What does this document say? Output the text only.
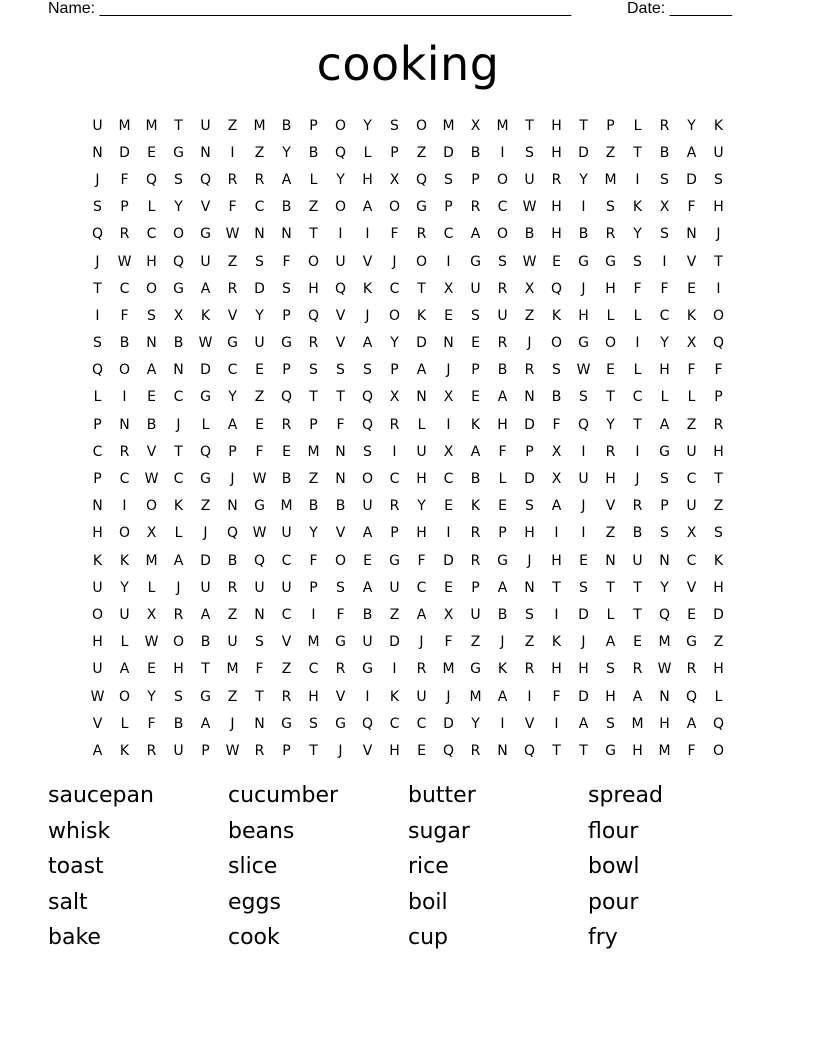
Name: _____________________________________________________	Date: _______
cooking
U	M	M	T	U	Z	M	B	P	O	Y	S	O	M	X	M	T	H	T	P	L	R	Y	K
N	D	E	G	N	I	Z	Y	B	Q	L	P	Z	D	B	I	S	H	D	Z	T	B	A	U
J	F	Q	S	Q	R	R	A	L	Y	H	X	Q	S	P	O	U	R	Y	M	I	S	D	S
S	P	L	Y	V	F	C	B	Z	O	A	O	G	P	R	C	W	H	I	S	K	X	F	H
Q	R	C	O	G	W	N	N	T	I	I	F	R	C	A	O	B	H	B	R	Y	S	N	J
J	W	H	Q	U	Z	S	F	O	U	V	J	O	I	G	S	W	E	G	G	S	I	V	T
T	C	O	G	A	R	D	S	H	Q	K	C	T	X	U	R	X	Q	J	H	F	F	E	I
I	F	S	X	K	V	Y	P	Q	V	J	O	K	E	S	U	Z	K	H	L	L	C	K	O
S	B	N	B	W	G	U	G	R	V	A	Y	D	N	E	R	J	O	G	O	I	Y	X	Q
Q	O	A	N	D	C	E	P	S	S	S	P	A	J	P	B	R	S	W	E	L	H	F	F
L	I	E	C	G	Y	Z	Q	T	T	Q	X	N	X	E	A	N	B	S	T	C	L	L	P
P	N	B	J	L	A	E	R	P	F	Q	R	L	I	K	H	D	F	Q	Y	T	A	Z	R
C	R	V	T	Q	P	F	E	M	N	S	I	U	X	A	F	P	X	I	R	I	G	U	H
P	C	W	C	G	J	W	B	Z	N	O	C	H	C	B	L	D	X	U	H	J	S	C	T
N	I	O	K	Z	N	G	M	B	B	U	R	Y	E	K	E	S	A	J	V	R	P	U	Z
H	O	X	L	J	Q	W	U	Y	V	A	P	H	I	R	P	H	I	I	Z	B	S	X	S
K	K	M	A	D	B	Q	C	F	O	E	G	F	D	R	G	J	H	E	N	U	N	C	K
U	Y	L	J	U	R	U	U	P	S	A	U	C	E	P	A	N	T	S	T	T	Y	V	H
O	U	X	R	A	Z	N	C	I	F	B	Z	A	X	U	B	S	I	D	L	T	Q	E	D
H	L	W	O	B	U	S	V	M	G	U	D	J	F	Z	J	Z	K	J	A	E	M	G	Z
U	A	E	H	T	M	F	Z	C	R	G	I	R	M	G	K	R	H	H	S	R	W	R	H
W	O	Y	S	G	Z	T	R	H	V	I	K	U	J	M	A	I	F	D	H	A	N	Q	L
V	L	F	B	A	J	N	G	S	G	Q	C	C	D	Y	I	V	I	A	S	M	H	A	Q
A	K	R	U	P	W	R	P	T	J	V	H	E	Q	R	N	Q	T	T	G	H	M	F	O
saucepan	cucumber	butter	spread
whisk	beans	sugar	flour
toast	slice	rice	bowl
salt	eggs	boil	pour
bake	cook	cup	fry
